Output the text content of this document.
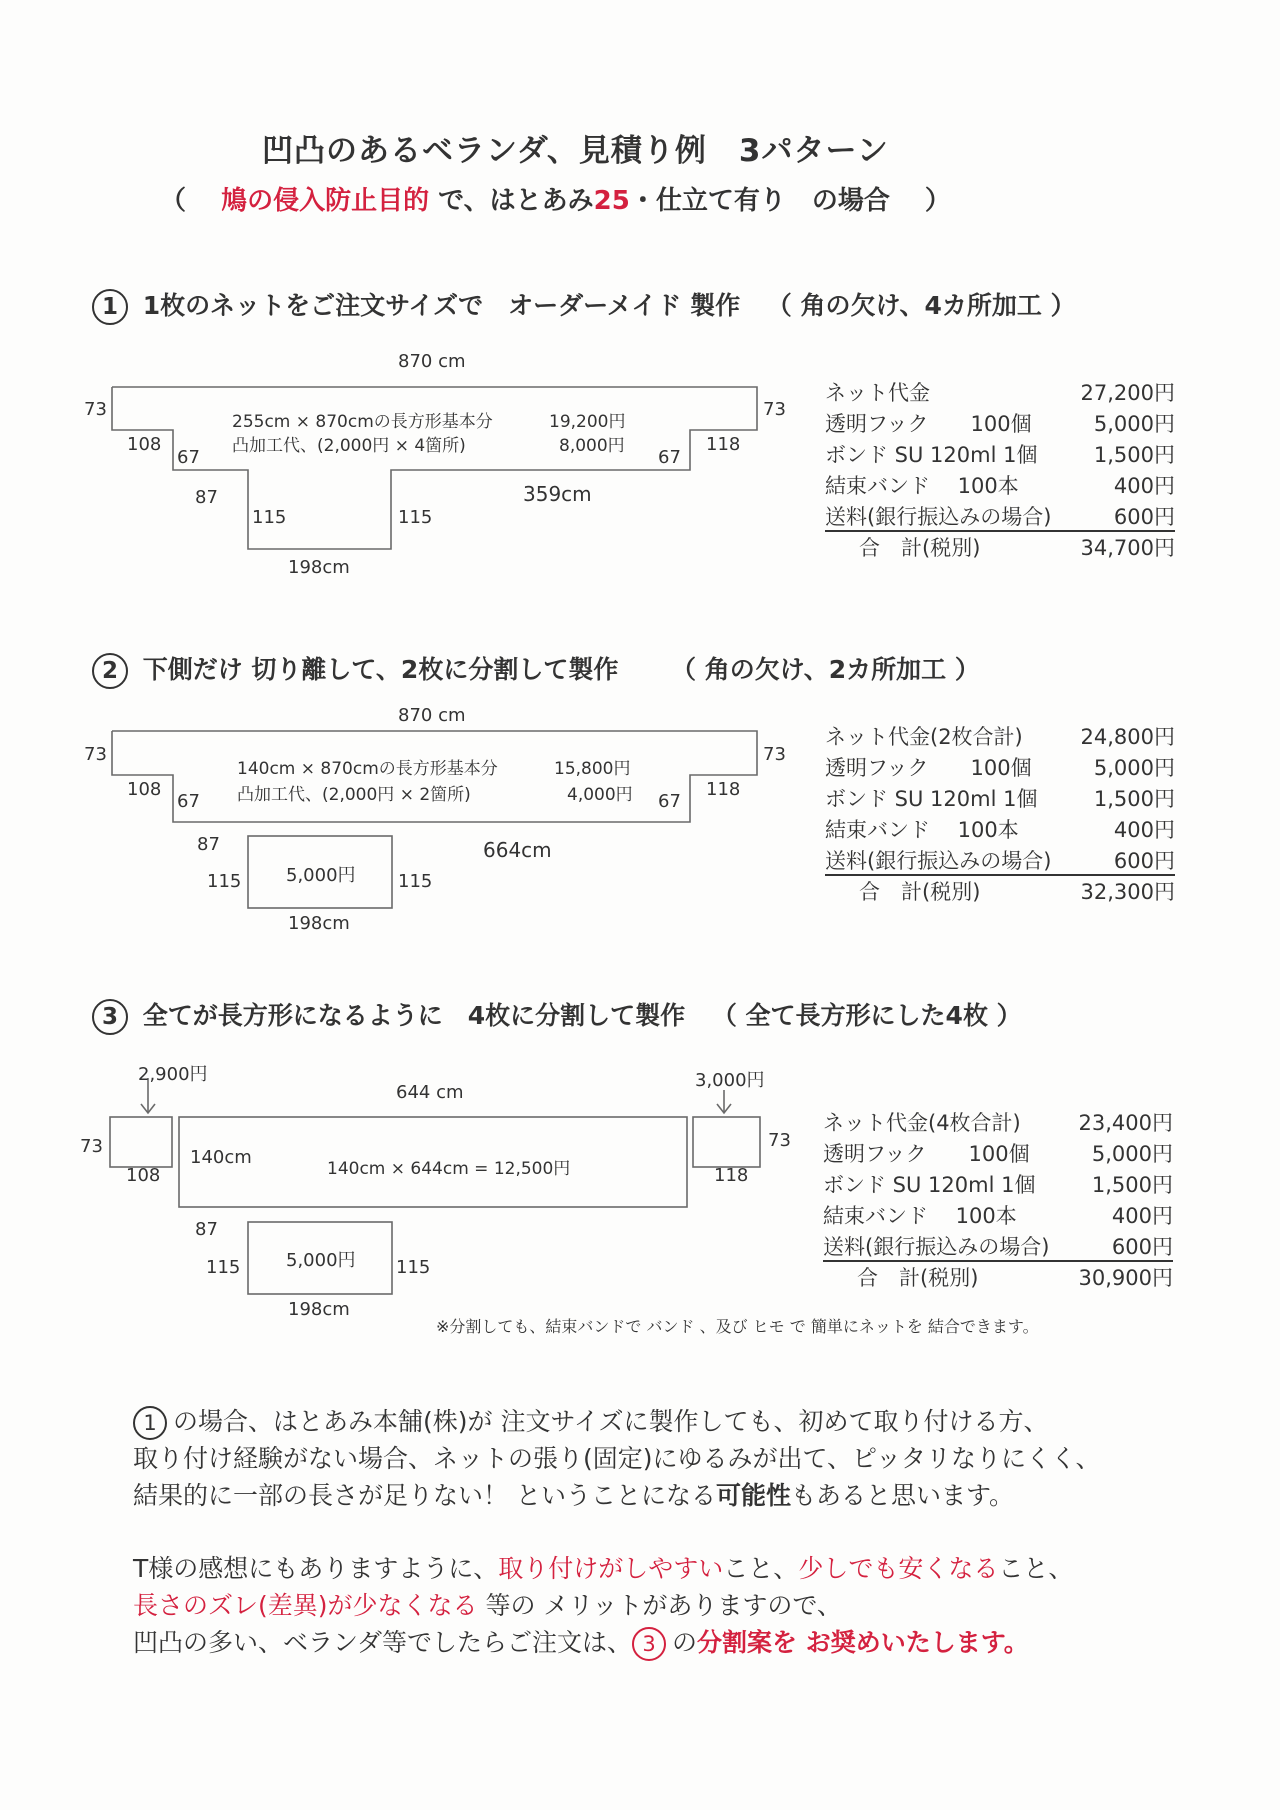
凹凸のあるベランダ、見積り例　3パターン
（　 鳩の侵入防止目的 で、はとあみ25・仕立て有り　の場合　 ）
1 1枚のネットをご注文サイズで　オーダーメイド 製作 （ 角の欠け、4カ所加工 ）
870 cm
73	73
108
67	67
118
87
115	115
198cm
359cm
255cm × 870cmの長方形基本分	19,200円
凸加工代、(2,000円 × 4箇所)	8,000円
ネット代金	27,200円
透明フック　　100個	5,000円
ボンド SU 120ml 1個	1,500円
結束バンド　 100本	400円
送料(銀行振込みの場合)	600円
合　計(税別)	34,700円
2 下側だけ 切り離して、2枚に分割して製作 （ 角の欠け、2カ所加工 ）
870 cm
73	73
108
67	67
118
140cm × 870cmの長方形基本分	15,800円
凸加工代、(2,000円 × 2箇所)	4,000円
87
115	115
5,000円
198cm
664cm
ネット代金(2枚合計)	24,800円
透明フック　　100個	5,000円
ボンド SU 120ml 1個	1,500円
結束バンド　 100本	400円
送料(銀行振込みの場合)	600円
合　計(税別)	32,300円
3 全てが長方形になるように　4枚に分割して製作 （ 全て長方形にした4枚 ）
2,900円	3,000円
644 cm
73
108
140cm
140cm × 644cm = 12,500円	118
73
87
115	115
5,000円
198cm
ネット代金(4枚合計)	23,400円
透明フック　　100個	5,000円
ボンド SU 120ml 1個	1,500円
結束バンド　 100本	400円
送料(銀行振込みの場合)	600円
合　計(税別)	30,900円
※分割しても、結束バンドで バンド 、及び ヒモ で 簡単にネットを 結合できます。
1 の場合、はとあみ本舗(株)が 注文サイズに製作しても、初めて取り付ける方、
取り付け経験がない場合、ネットの張り(固定)にゆるみが出て、ピッタリなりにくく、
結果的に一部の長さが足りない！ ということになる可能性もあると思います。
T様の感想にもありますように、取り付けがしやすいこと、少しでも安くなること、
長さのズレ(差異)が少なくなる 等の メリットがありますので、
凹凸の多い、ベランダ等でしたらご注文は、 3 の分割案を お奨めいたします。
